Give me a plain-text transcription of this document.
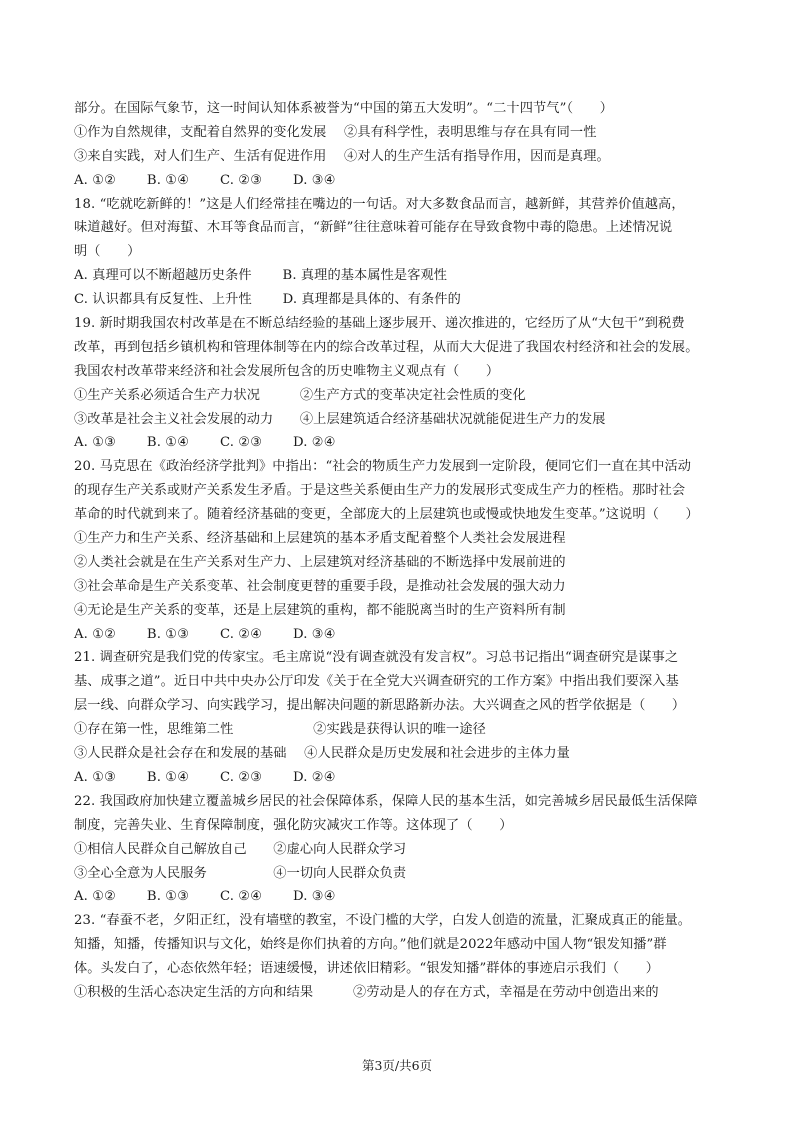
部分。在国际气象节，这一时间认知体系被誉为“中国的第五大发明”。“二十四节气”（　　）
①作为自然规律，支配着自然界的变化发展　 ②具有科学性，表明思维与存在具有同一性
③来自实践，对人们生产、生活有促进作用　 ④对人的生产生活有指导作用，因而是真理。
A. ①②　　 B. ①④　　 C. ②③　　 D. ③④
18. “吃就吃新鲜的！”这是人们经常挂在嘴边的一句话。对大多数食品而言，越新鲜，其营养价值越高，
味道越好。但对海蜇、木耳等食品而言，“新鲜”往往意味着可能存在导致食物中毒的隐患。上述情况说
明（　　）
A. 真理可以不断超越历史条件　　 B. 真理的基本属性是客观性
C. 认识都具有反复性、上升性　　 D. 真理都是具体的、有条件的
19. 新时期我国农村改革是在不断总结经验的基础上逐步展开、递次推进的，它经历了从“大包干”到税费
改革，再到包括乡镇机构和管理体制等在内的综合改革过程，从而大大促进了我国农村经济和社会的发展。
我国农村改革带来经济和社会发展所包含的历史唯物主义观点有（　　）
①生产关系必须适合生产力状况　　　②生产方式的变革决定社会性质的变化
③改革是社会主义社会发展的动力　　④上层建筑适合经济基础状况就能促进生产力的发展
A. ①③　　 B. ①④　　 C. ②③　　 D. ②④
20. 马克思在《政治经济学批判》中指出：“社会的物质生产力发展到一定阶段，便同它们一直在其中活动
的现存生产关系或财产关系发生矛盾。于是这些关系便由生产力的发展形式变成生产力的桎梏。那时社会
革命的时代就到来了。随着经济基础的变更，全部庞大的上层建筑也或慢或快地发生变革。”这说明（　　）
①生产力和生产关系、经济基础和上层建筑的基本矛盾支配着整个人类社会发展进程
②人类社会就是在生产关系对生产力、上层建筑对经济基础的不断选择中发展前进的
③社会革命是生产关系变革、社会制度更替的重要手段，是推动社会发展的强大动力
④无论是生产关系的变革，还是上层建筑的重构，都不能脱离当时的生产资料所有制
A. ①②　　 B. ①③　　 C. ②④　　 D. ③④
21. 调查研究是我们党的传家宝。毛主席说“没有调查就没有发言权”。习总书记指出“调查研究是谋事之
基、成事之道”。近日中共中央办公厅印发《关于在全党大兴调查研究的工作方案》中指出我们要深入基
层一线、向群众学习、向实践学习，提出解决问题的新思路新办法。大兴调查之风的哲学依据是（　　）
①存在第一性，思维第二性　　　　　　②实践是获得认识的唯一途径
③人民群众是社会存在和发展的基础　 ④人民群众是历史发展和社会进步的主体力量
A. ①③　　 B. ①④　　 C. ②③　　 D. ②④
22. 我国政府加快建立覆盖城乡居民的社会保障体系，保障人民的基本生活，如完善城乡居民最低生活保障
制度，完善失业、生育保障制度，强化防灾减灾工作等。这体现了（　　）
①相信人民群众自己解放自己　　②虚心向人民群众学习
③全心全意为人民服务　　　　　④一切向人民群众负责
A. ①②　　 B. ①③　　 C. ②④　　 D. ③④
23. “春蚕不老，夕阳正红，没有墙壁的教室，不设门槛的大学，白发人创造的流量，汇聚成真正的能量。
知播，知播，传播知识与文化，始终是你们执着的方向。”他们就是2022年感动中国人物“银发知播”群
体。头发白了，心态依然年轻；语速缓慢，讲述依旧精彩。“银发知播”群体的事迹启示我们（　　）
①积极的生活心态决定生活的方向和结果　　　②劳动是人的存在方式，幸福是在劳动中创造出来的
第3页/共6页
